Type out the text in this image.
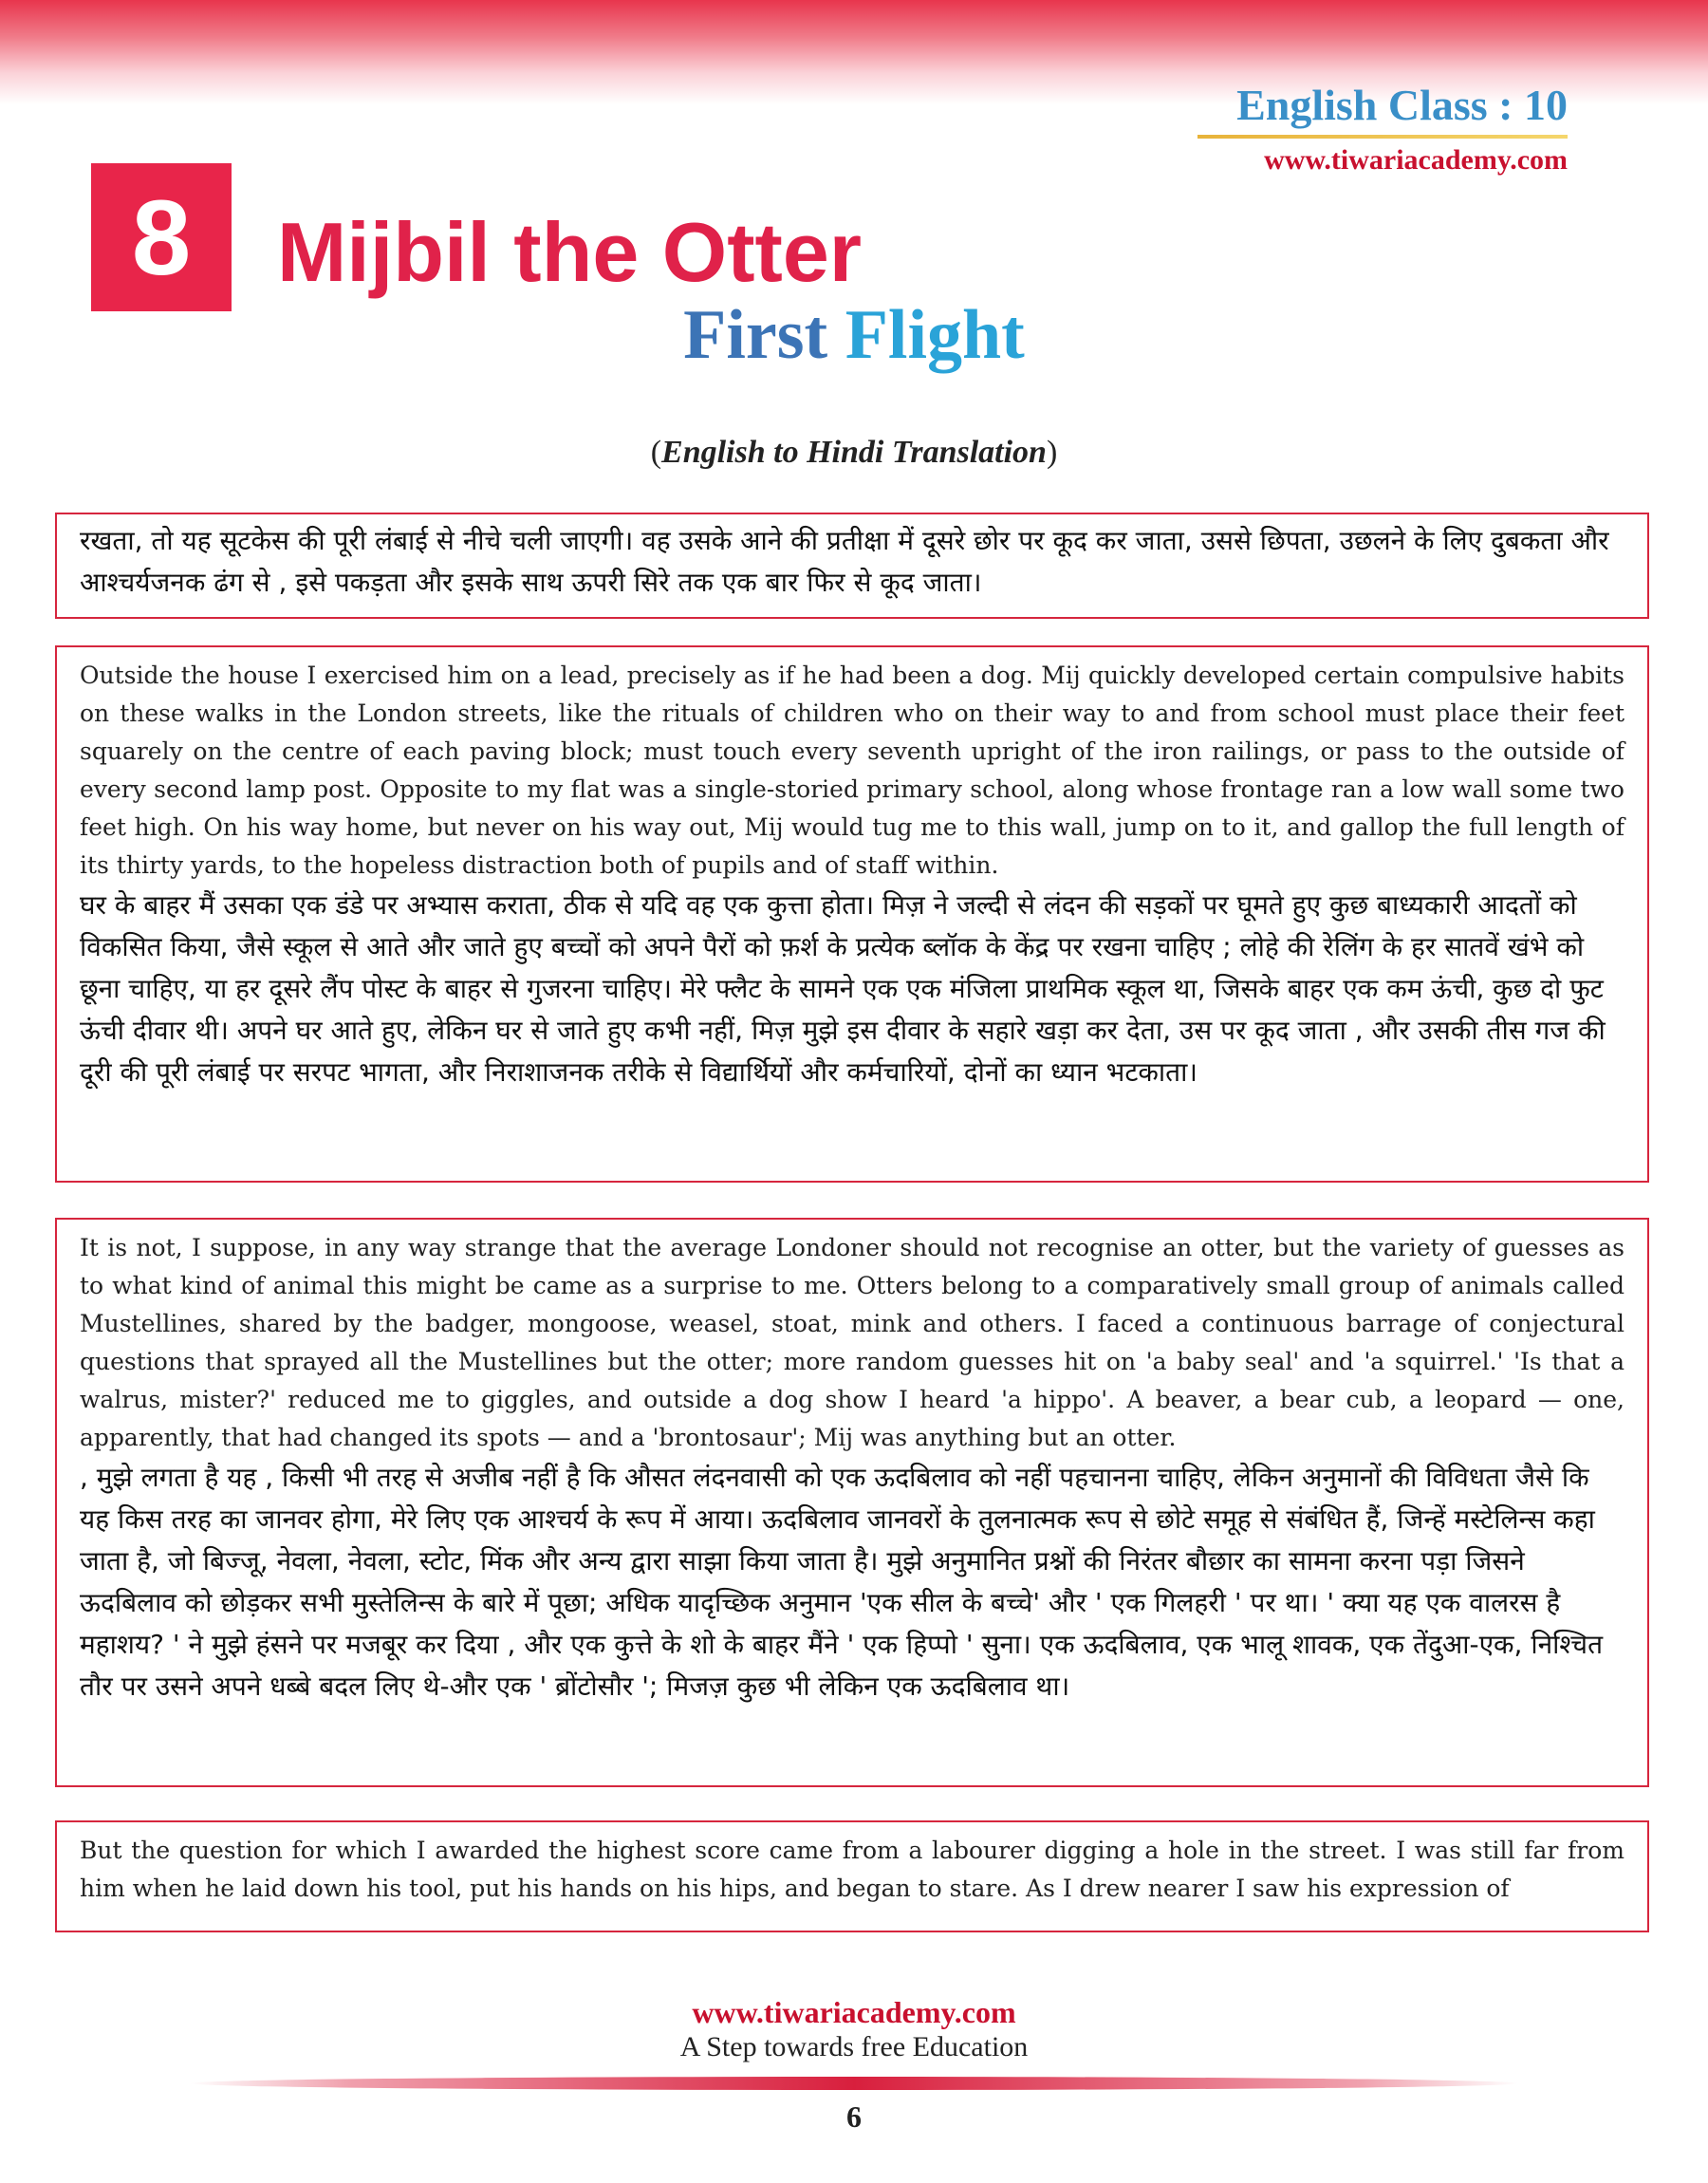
English Class : 10
www.tiwariacademy.com
8	Mijbil the Otter
First Flight
(English to Hindi Translation)

रखता, तो यह सूटकेस की पूरी लंबाई से नीचे चली जाएगी। वह उसके आने की प्रतीक्षा में दूसरे छोर पर कूद कर जाता, उससे छिपता, उछलने के लिए दुबकता और आश्चर्यजनक ढंग से , इसे पकड़ता और इसके साथ ऊपरी सिरे तक एक बार फिर से कूद जाता।

Outside the house I exercised him on a lead, precisely as if he had been a dog. Mij quickly developed certain compulsive habits on these walks in the London streets, like the rituals of children who on their way to and from school must place their feet squarely on the centre of each paving block; must touch every seventh upright of the iron railings, or pass to the outside of every second lamp post. Opposite to my flat was a single-storied primary school, along whose frontage ran a low wall some two feet high. On his way home, but never on his way out, Mij would tug me to this wall, jump on to it, and gallop the full length of its thirty yards, to the hopeless distraction both of pupils and of staff within.

घर के बाहर मैं उसका एक डंडे पर अभ्यास कराता, ठीक से यदि वह एक कुत्ता होता। मिज़ ने जल्दी से लंदन की सड़कों पर घूमते हुए कुछ बाध्यकारी आदतों को विकसित किया, जैसे स्कूल से आते और जाते हुए बच्चों को अपने पैरों को फ़र्श के प्रत्येक ब्लॉक के केंद्र पर रखना चाहिए ; लोहे की रेलिंग के हर सातवें खंभे को छूना चाहिए, या हर दूसरे लैंप पोस्ट के बाहर से गुजरना चाहिए। मेरे फ्लैट के सामने एक एक मंजिला प्राथमिक स्कूल था, जिसके बाहर एक कम ऊंची, कुछ दो फुट ऊंची दीवार थी। अपने घर आते हुए, लेकिन घर से जाते हुए कभी नहीं, मिज़ मुझे इस दीवार के सहारे खड़ा कर देता, उस पर कूद जाता , और उसकी तीस गज की दूरी की पूरी लंबाई पर सरपट भागता, और निराशाजनक तरीके से विद्यार्थियों और कर्मचारियों, दोनों का ध्यान भटकाता।

It is not, I suppose, in any way strange that the average Londoner should not recognise an otter, but the variety of guesses as to what kind of animal this might be came as a surprise to me. Otters belong to a comparatively small group of animals called Mustellines, shared by the badger, mongoose, weasel, stoat, mink and others. I faced a continuous barrage of conjectural questions that sprayed all the Mustellines but the otter; more random guesses hit on 'a baby seal' and 'a squirrel.' 'Is that a walrus, mister?' reduced me to giggles, and outside a dog show I heard 'a hippo'. A beaver, a bear cub, a leopard — one, apparently, that had changed its spots — and a 'brontosaur'; Mij was anything but an otter.

, मुझे लगता है यह , किसी भी तरह से अजीब नहीं है कि औसत लंदनवासी को एक ऊदबिलाव को नहीं पहचानना चाहिए, लेकिन अनुमानों की विविधता जैसे कि यह किस तरह का जानवर होगा, मेरे लिए एक आश्चर्य के रूप में आया। ऊदबिलाव जानवरों के तुलनात्मक रूप से छोटे समूह से संबंधित हैं, जिन्हें मस्टेलिन्स कहा जाता है, जो बिज्जू, नेवला, नेवला, स्टोट, मिंक और अन्य द्वारा साझा किया जाता है। मुझे अनुमानित प्रश्नों की निरंतर बौछार का सामना करना पड़ा जिसने ऊदबिलाव को छोड़कर सभी मुस्तेलिन्स के बारे में पूछा; अधिक यादृच्छिक अनुमान 'एक सील के बच्चे' और ' एक गिलहरी ' पर था। ' क्या यह एक वालरस है महाशय? ' ने मुझे हंसने पर मजबूर कर दिया , और एक कुत्ते के शो के बाहर मैंने ' एक हिप्पो ' सुना। एक ऊदबिलाव, एक भालू शावक, एक तेंदुआ-एक, निश्चित तौर पर उसने अपने धब्बे बदल लिए थे-और एक ' ब्रोंटोसौर '; मिजज़ कुछ भी लेकिन एक ऊदबिलाव था।

But the question for which I awarded the highest score came from a labourer digging a hole in the street. I was still far from him when he laid down his tool, put his hands on his hips, and began to stare. As I drew nearer I saw his expression of

www.tiwariacademy.com
A Step towards free Education
6
